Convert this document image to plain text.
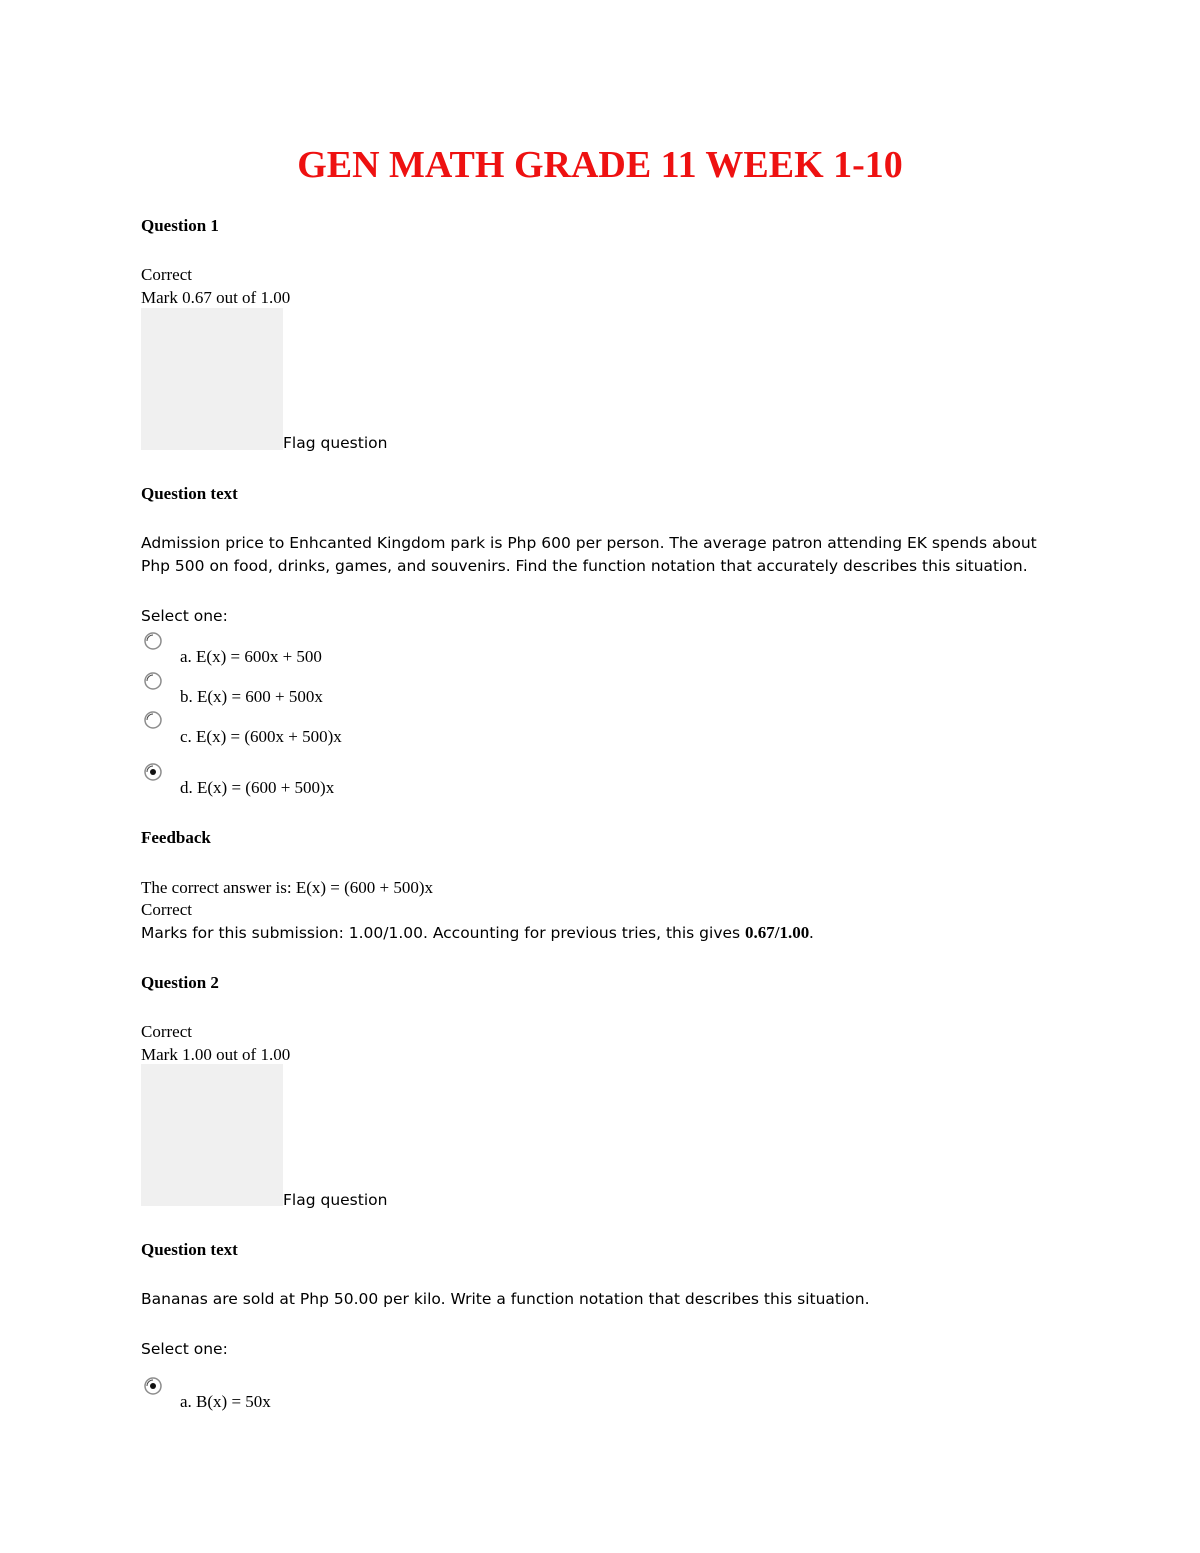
GEN MATH GRADE 11 WEEK 1-10
Question 1
Correct
Mark 0.67 out of 1.00
Flag question
Question text
Admission price to Enhcanted Kingdom park is Php 600 per person. The average patron attending EK spends about Php 500 on food, drinks, games, and souvenirs. Find the function notation that accurately describes this situation.
Select one:
a. E(x) = 600x + 500
b. E(x) = 600 + 500x
c. E(x) = (600x + 500)x
d. E(x) = (600 + 500)x
Feedback
The correct answer is: E(x) = (600 + 500)x
Correct
Marks for this submission: 1.00/1.00. Accounting for previous tries, this gives 0.67/1.00.
Question 2
Correct
Mark 1.00 out of 1.00
Flag question
Question text
Bananas are sold at Php 50.00 per kilo. Write a function notation that describes this situation.
Select one:
a. B(x) = 50x
